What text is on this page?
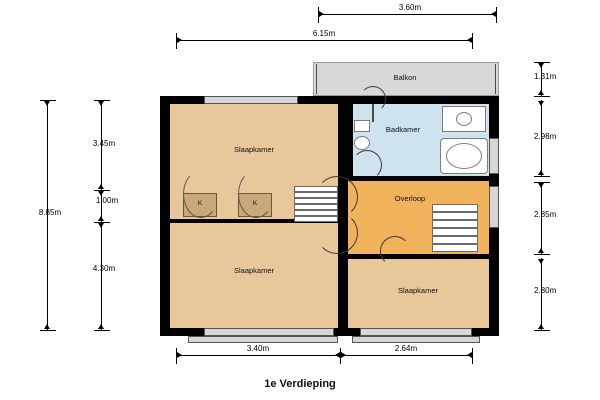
Balkon
Slaapkamer
Slaapkamer
Badkamer
Overloop
Slaapkamer
K	K
3.60m
6.15m
8.85m
3.45m
1.00m
4.30m
1.31m
2.98m
2.85m
2.80m
3.40m	2.64m
1e Verdieping
